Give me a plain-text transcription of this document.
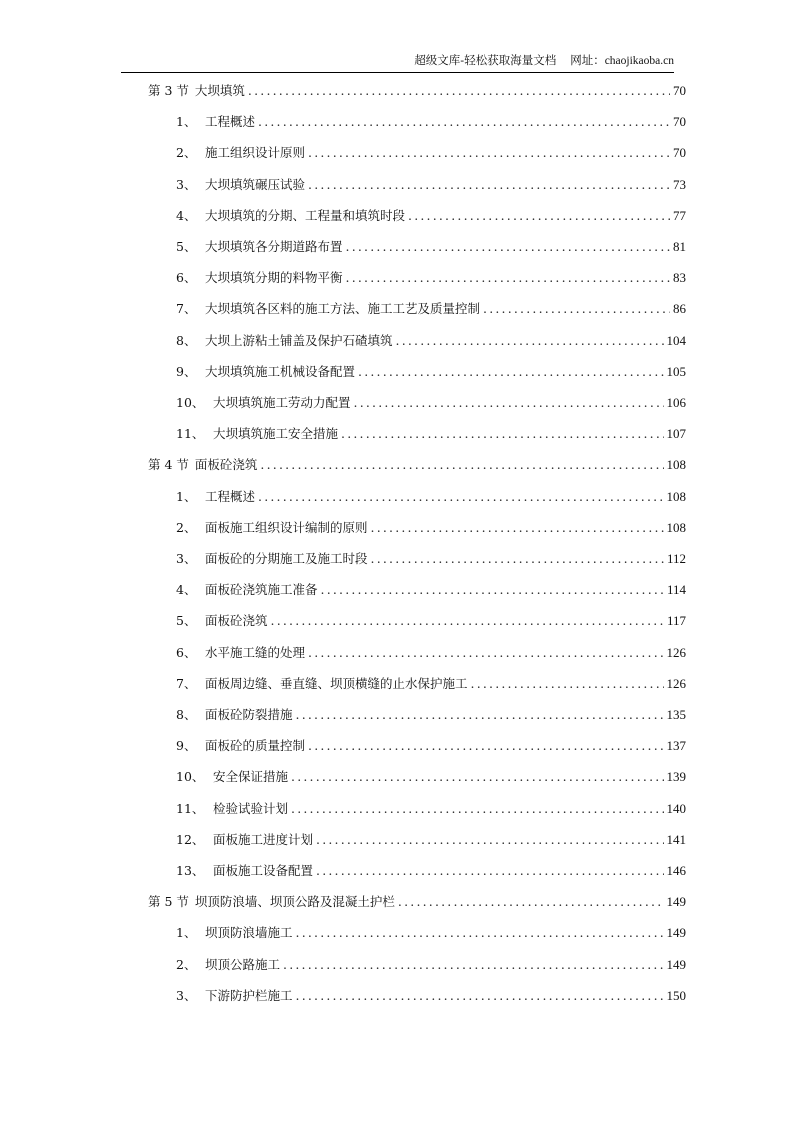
超级文库-轻松获取海量文档 网址：chaojikaoba.cn
第 3 节 大坝填筑 .....	70
1、 工程概述 .....	70
2、 施工组织设计原则 .....	70
3、 大坝填筑碾压试验 .....	73
4、 大坝填筑的分期、工程量和填筑时段 .....	77
5、 大坝填筑各分期道路布置 .....	81
6、 大坝填筑分期的料物平衡 .....	83
7、 大坝填筑各区料的施工方法、施工工艺及质量控制 .....	86
8、 大坝上游粘土铺盖及保护石碴填筑 .....	104
9、 大坝填筑施工机械设备配置 .....	105
10、 大坝填筑施工劳动力配置 .....	106
11、 大坝填筑施工安全措施 .....	107
第 4 节 面板砼浇筑 .....	108
1、 工程概述 .....	108
2、 面板施工组织设计编制的原则 .....	108
3、 面板砼的分期施工及施工时段 .....	112
4、 面板砼浇筑施工准备 .....	114
5、 面板砼浇筑 .....	117
6、 水平施工缝的处理 .....	126
7、 面板周边缝、垂直缝、坝顶横缝的止水保护施工 .....	126
8、 面板砼防裂措施 .....	135
9、 面板砼的质量控制 .....	137
10、 安全保证措施 .....	139
11、 检验试验计划 .....	140
12、 面板施工进度计划 .....	141
13、 面板施工设备配置 .....	146
第 5 节 坝顶防浪墙、坝顶公路及混凝土护栏 .....	149
1、 坝顶防浪墙施工 .....	149
2、 坝顶公路施工 .....	149
3、 下游防护栏施工 .....	150
